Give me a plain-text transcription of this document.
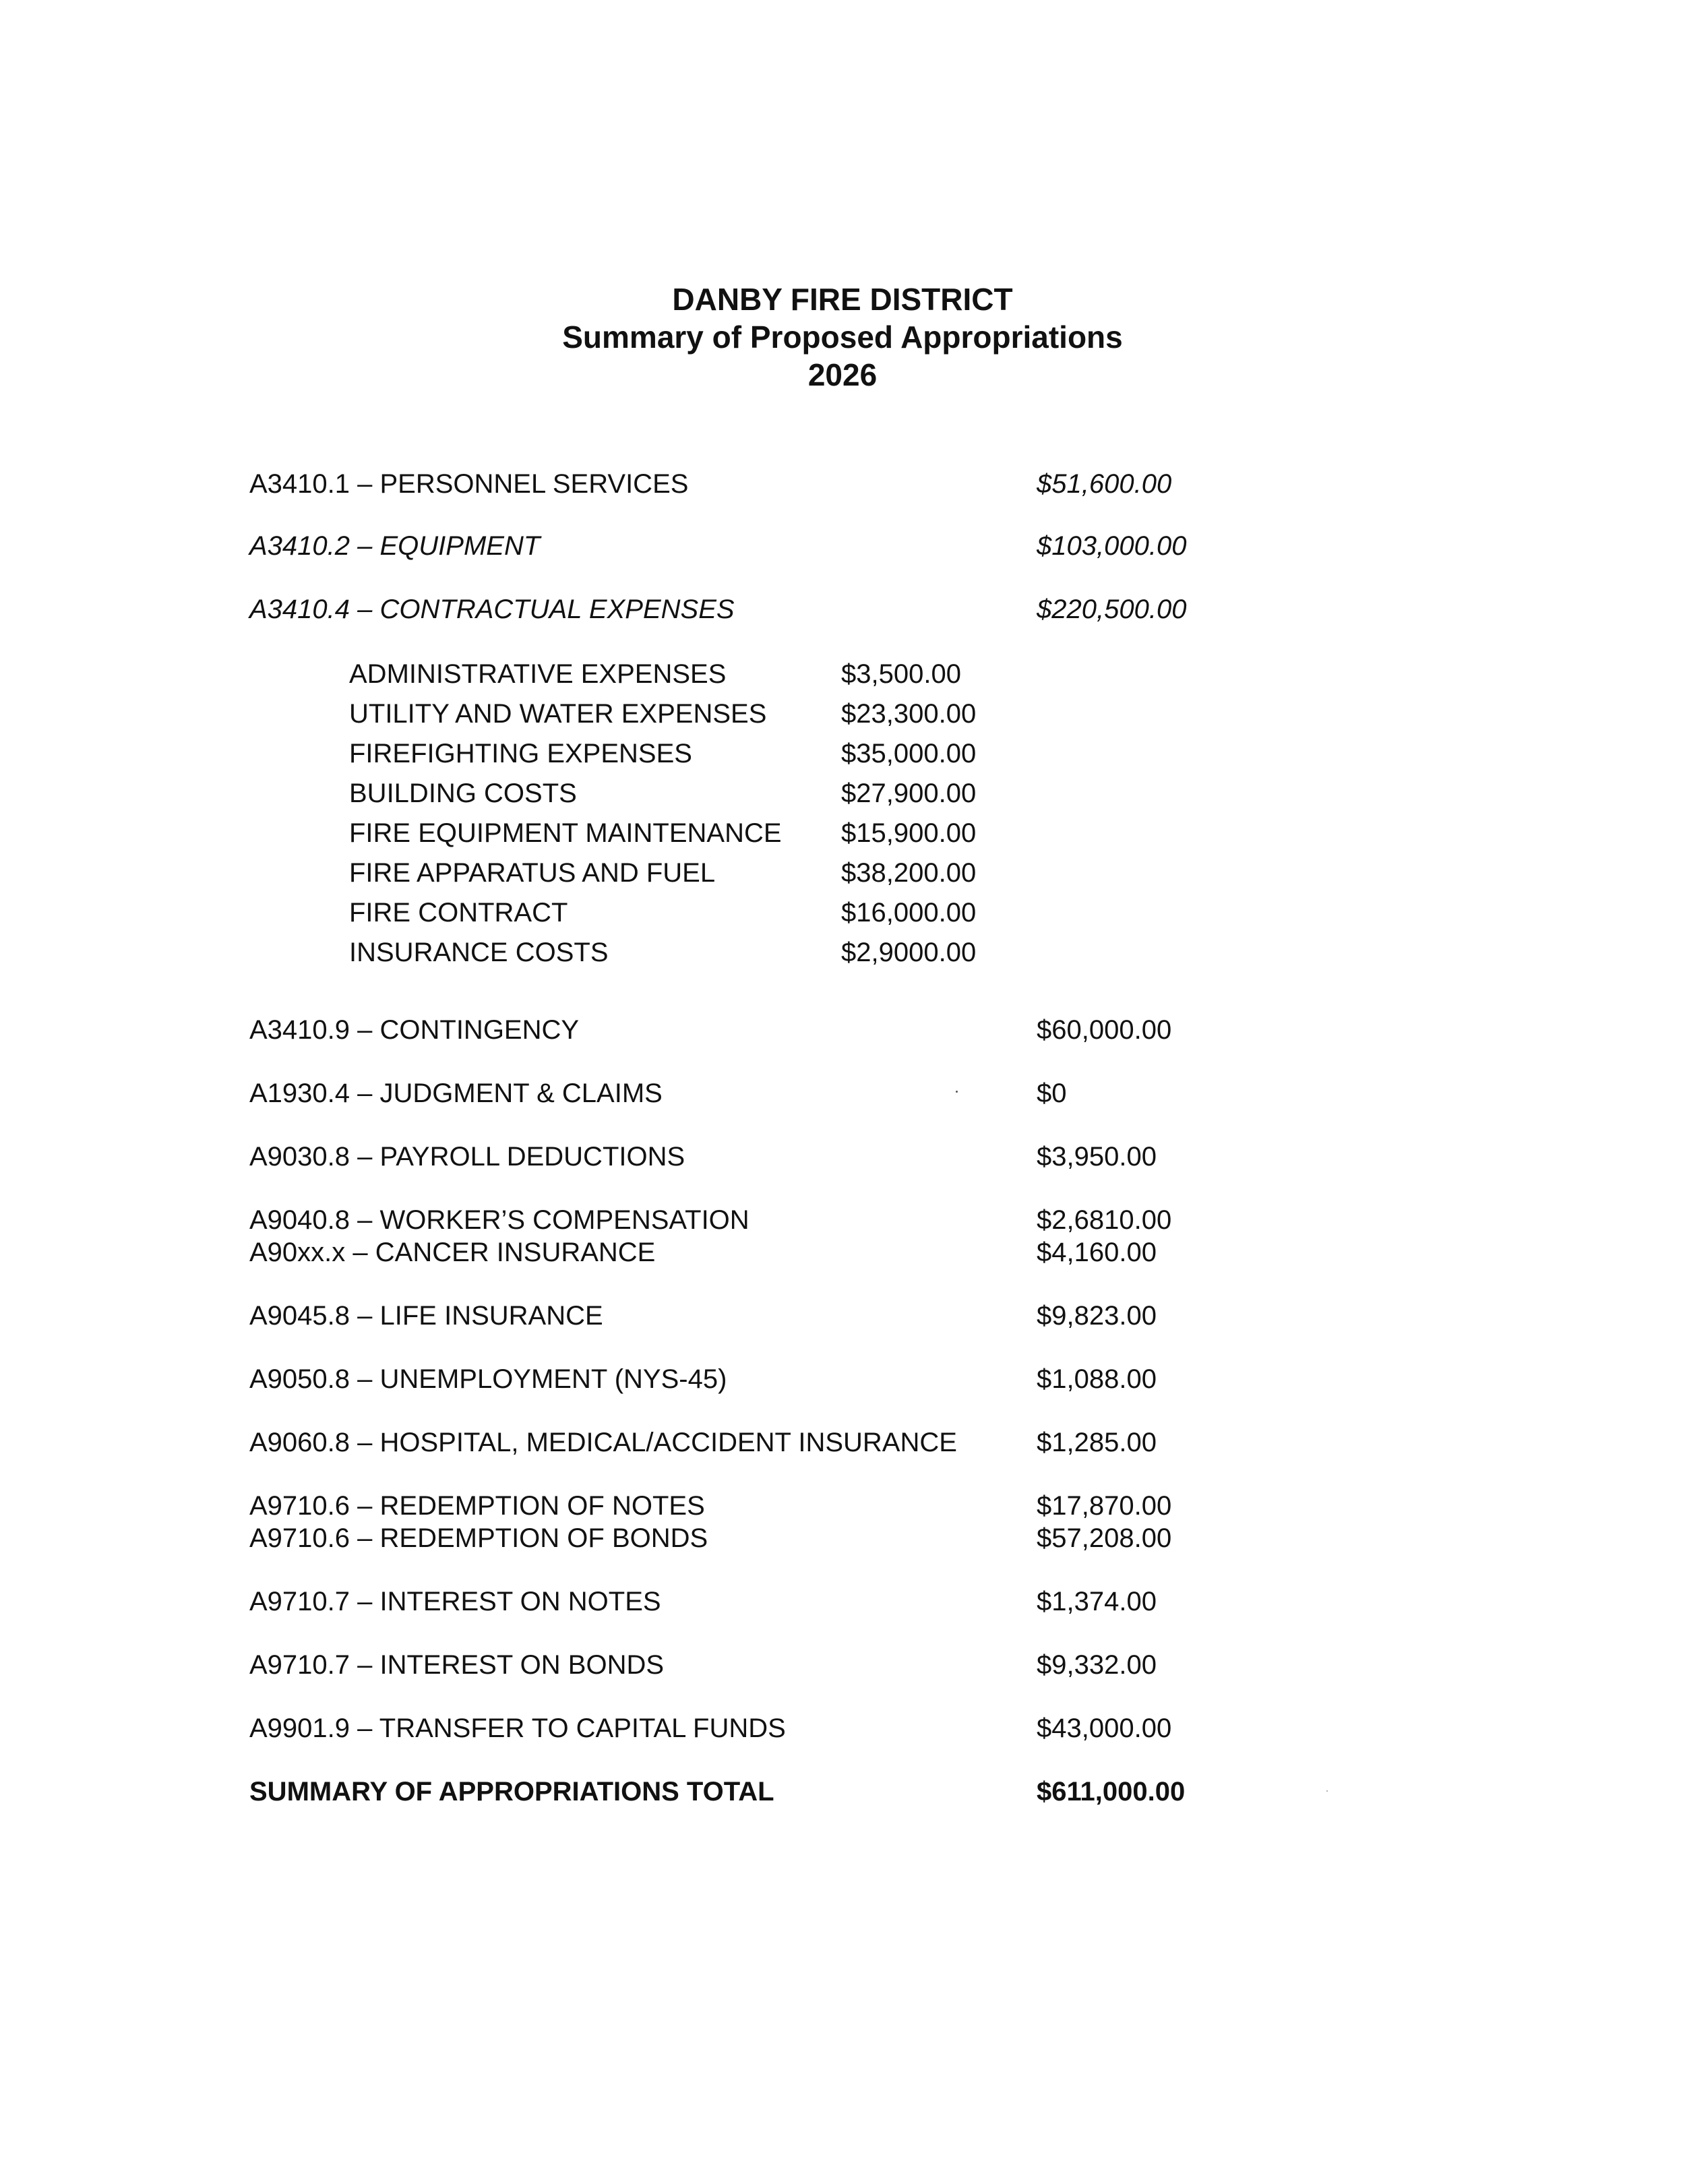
DANBY FIRE DISTRICT
Summary of Proposed Appropriations
2026
A3410.1 – PERSONNEL SERVICES	$51,600.00
A3410.2 – EQUIPMENT	$103,000.00
A3410.4 – CONTRACTUAL EXPENSES	$220,500.00
ADMINISTRATIVE EXPENSES	$3,500.00
UTILITY AND WATER EXPENSES	$23,300.00
FIREFIGHTING EXPENSES	$35,000.00
BUILDING COSTS	$27,900.00
FIRE EQUIPMENT MAINTENANCE $15,900.00
FIRE APPARATUS AND FUEL	$38,200.00
FIRE CONTRACT	$16,000.00
INSURANCE COSTS	$2,9000.00
A3410.9 – CONTINGENCY	$60,000.00
A1930.4 – JUDGMENT & CLAIMS	$0
A9030.8 – PAYROLL DEDUCTIONS	$3,950.00
A9040.8 – WORKER’S COMPENSATION	$2,6810.00
A90xx.x – CANCER INSURANCE	$4,160.00
A9045.8 – LIFE INSURANCE	$9,823.00
A9050.8 – UNEMPLOYMENT (NYS-45)	$1,088.00
A9060.8 – HOSPITAL, MEDICAL/ACCIDENT INSURANCE	$1,285.00
A9710.6 – REDEMPTION OF NOTES	$17,870.00
A9710.6 – REDEMPTION OF BONDS	$57,208.00
A9710.7 – INTEREST ON NOTES	$1,374.00
A9710.7 – INTEREST ON BONDS	$9,332.00
A9901.9 – TRANSFER TO CAPITAL FUNDS	$43,000.00
SUMMARY OF APPROPRIATIONS TOTAL	$611,000.00
